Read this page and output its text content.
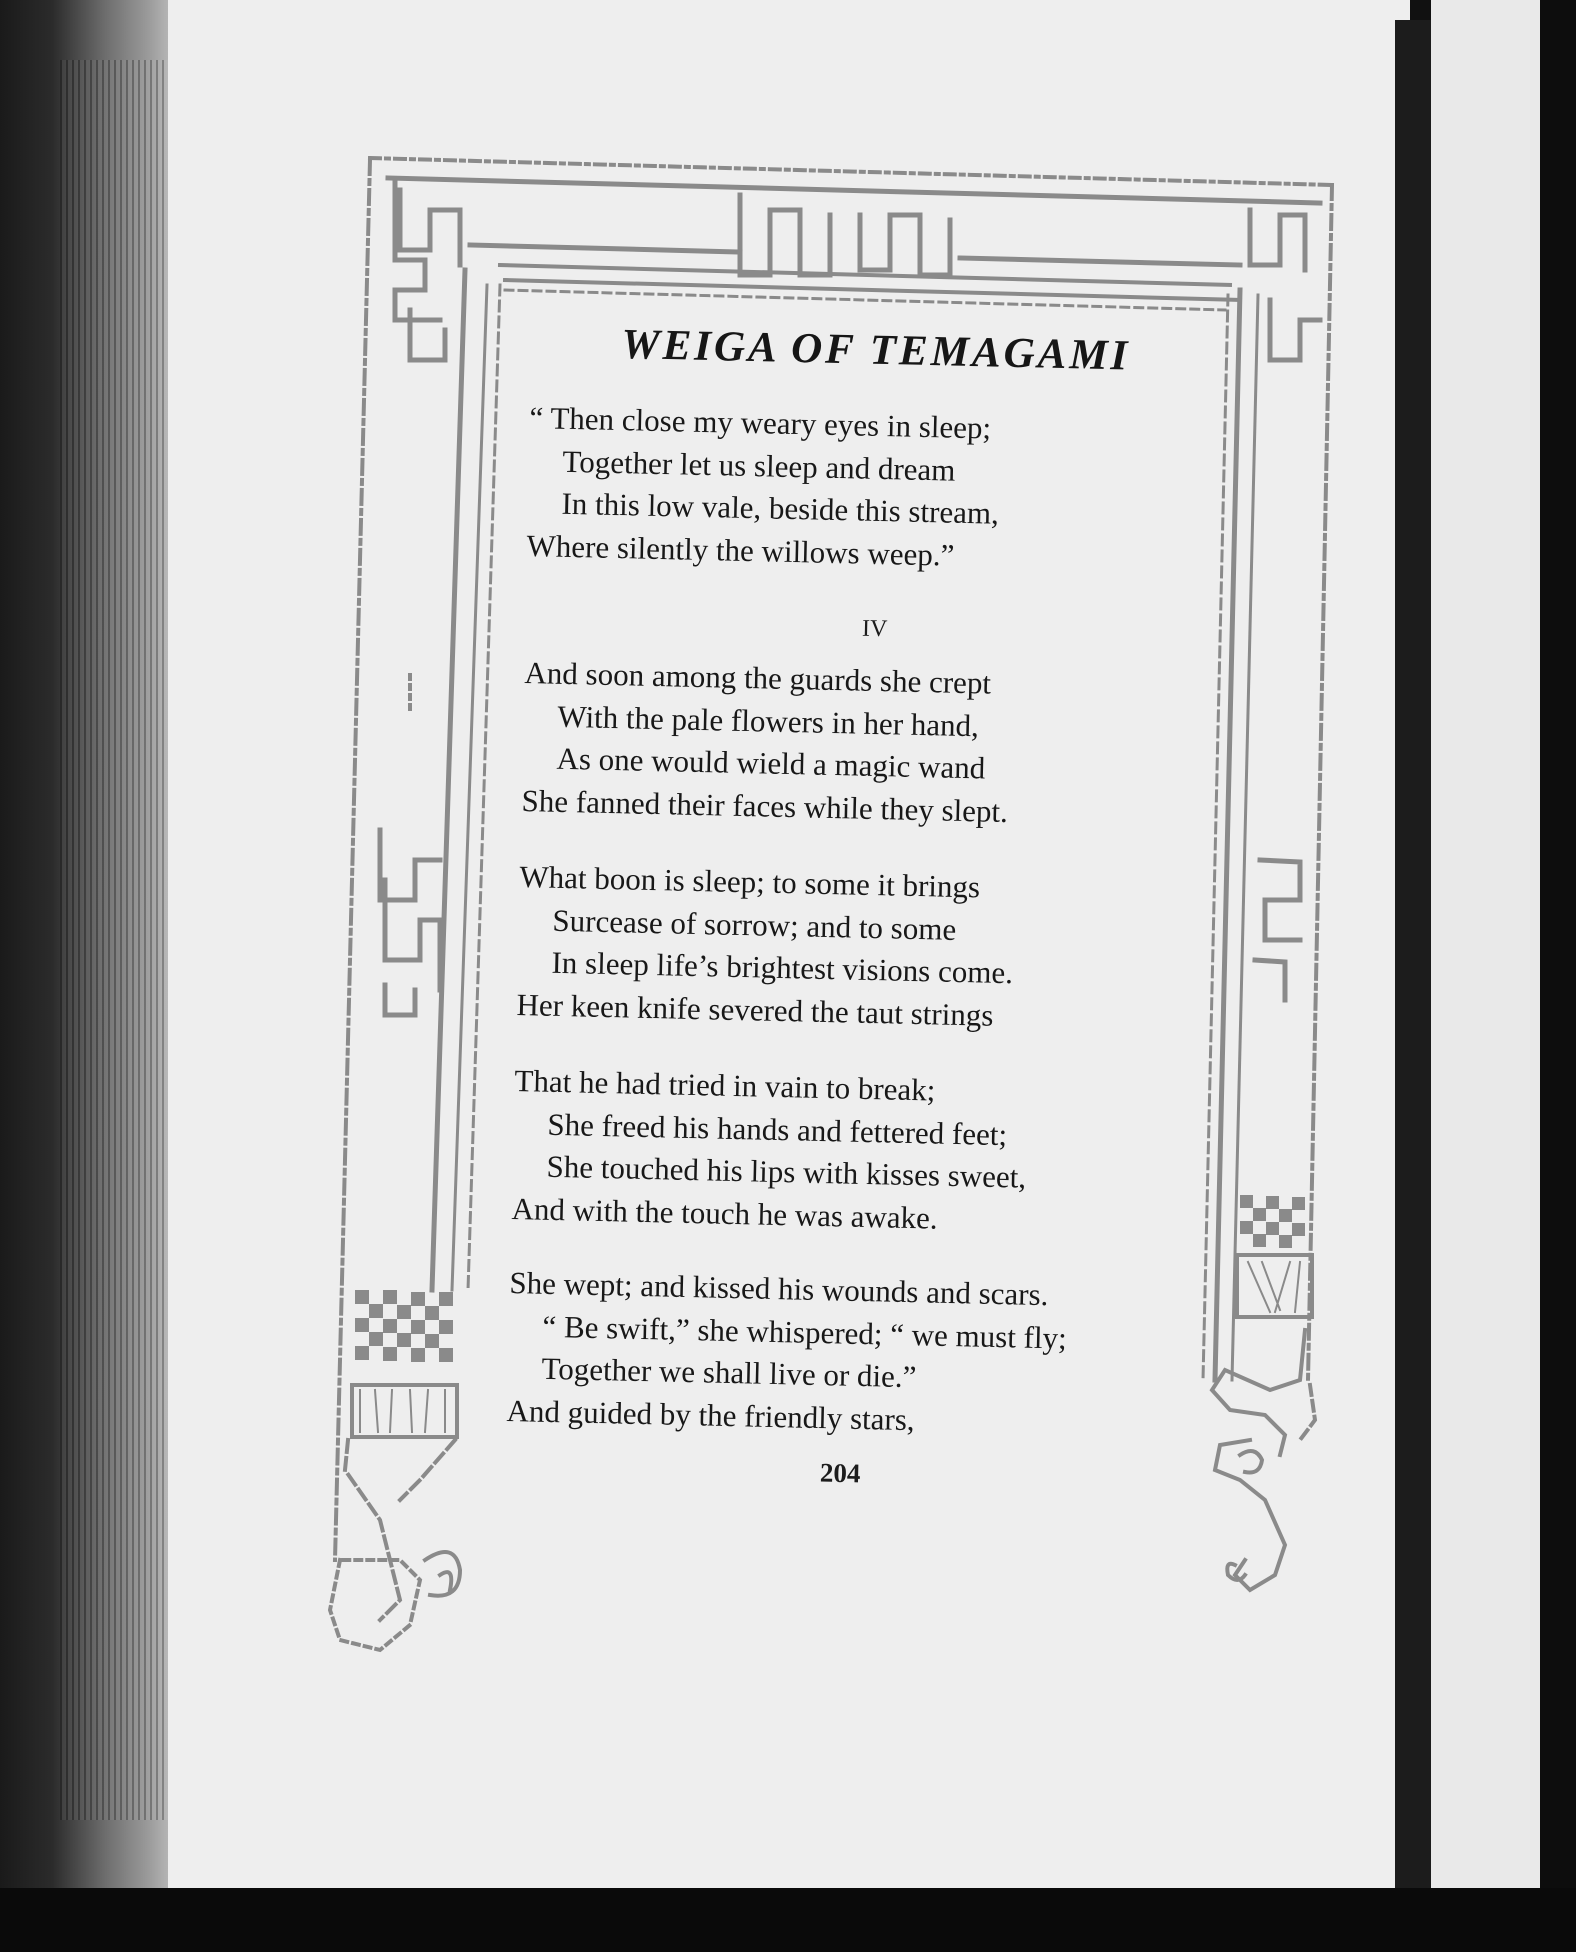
WEIGA OF TEMAGAMI
“ Then close my weary eyes in sleep;
Together let us sleep and dream
In this low vale, beside this stream,
Where silently the willows weep.”
IV
And soon among the guards she crept
With the pale flowers in her hand,
As one would wield a magic wand
She fanned their faces while they slept.
What boon is sleep; to some it brings
Surcease of sorrow; and to some
In sleep life’s brightest visions come.
Her keen knife severed the taut strings
That he had tried in vain to break;
She freed his hands and fettered feet;
She touched his lips with kisses sweet,
And with the touch he was awake.
She wept; and kissed his wounds and scars.
“ Be swift,” she whispered; “ we must fly;
Together we shall live or die.”
And guided by the friendly stars,
204
